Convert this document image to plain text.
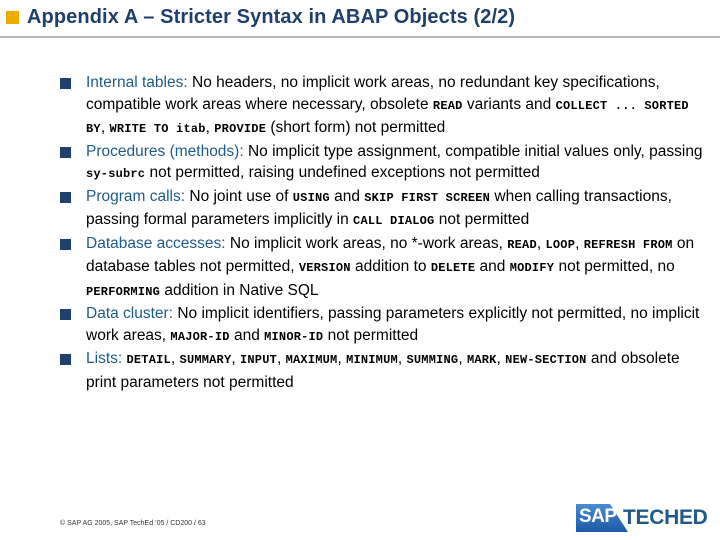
Appendix A – Stricter Syntax in ABAP Objects (2/2)
Internal tables: No headers, no implicit work areas, no redundant key specifications, compatible work areas where necessary, obsolete READ variants and COLLECT ... SORTED BY, WRITE TO itab, PROVIDE (short form) not permitted
Procedures (methods): No implicit type assignment, compatible initial values only, passing sy-subrc not permitted, raising undefined exceptions not permitted
Program calls: No joint use of USING and SKIP FIRST SCREEN when calling transactions, passing formal parameters implicitly in CALL DIALOG not permitted
Database accesses: No implicit work areas, no *-work areas, READ, LOOP, REFRESH FROM on database tables not permitted, VERSION addition to DELETE and MODIFY not permitted, no PERFORMING addition in Native SQL
Data cluster: No implicit identifiers, passing parameters explicitly not permitted, no implicit work areas, MAJOR-ID and MINOR-ID not permitted
Lists: DETAIL, SUMMARY, INPUT, MAXIMUM, MINIMUM, SUMMING, MARK, NEW-SECTION and obsolete print parameters not permitted
© SAP AG 2005, SAP TechEd ’05 / CD200 / 63	SAP TECHED
